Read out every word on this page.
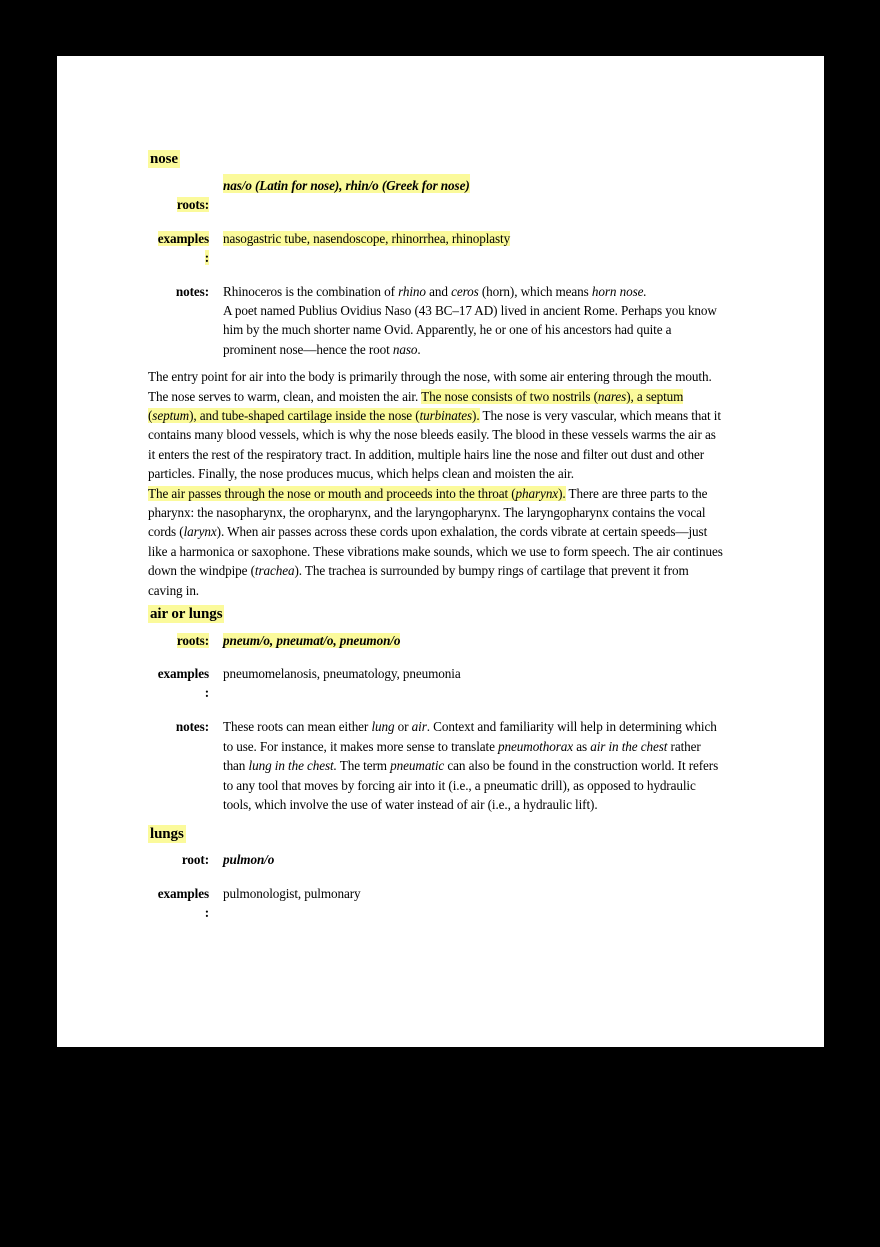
nose
roots:
nas/o (Latin for nose), rhin/o (Greek for nose)
examples
:
nasogastric tube, nasendoscope, rhinorrhea, rhinoplasty
notes: Rhinoceros is the combination of rhino and ceros (horn), which means horn nose.
A poet named Publius Ovidius Naso (43 BC–17 AD) lived in ancient Rome. Perhaps you know him by the much shorter name Ovid. Apparently, he or one of his ancestors had quite a prominent nose—hence the root naso.

The entry point for air into the body is primarily through the nose, with some air entering through the mouth. The nose serves to warm, clean, and moisten the air. The nose consists of two nostrils (nares), a septum (septum), and tube-shaped cartilage inside the nose (turbinates). The nose is very vascular, which means that it contains many blood vessels, which is why the nose bleeds easily. The blood in these vessels warms the air as it enters the rest of the respiratory tract. In addition, multiple hairs line the nose and filter out dust and other particles. Finally, the nose produces mucus, which helps clean and moisten the air.

The air passes through the nose or mouth and proceeds into the throat (pharynx). There are three parts to the pharynx: the nasopharynx, the oropharynx, and the laryngopharynx. The laryngopharynx contains the vocal cords (larynx). When air passes across these cords upon exhalation, the cords vibrate at certain speeds—just like a harmonica or saxophone. These vibrations make sounds, which we use to form speech. The air continues down the windpipe (trachea). The trachea is surrounded by bumpy rings of cartilage that prevent it from caving in.

air or lungs
roots: pneum/o, pneumat/o, pneumon/o
examples
:
pneumomelanosis, pneumatology, pneumonia
notes: These roots can mean either lung or air. Context and familiarity will help in determining which to use. For instance, it makes more sense to translate pneumothorax as air in the chest rather than lung in the chest. The term pneumatic can also be found in the construction world. It refers to any tool that moves by forcing air into it (i.e., a pneumatic drill), as opposed to hydraulic tools, which involve the use of water instead of air (i.e., a hydraulic lift).
lungs
root: pulmon/o
examples
:
pulmonologist, pulmonary
